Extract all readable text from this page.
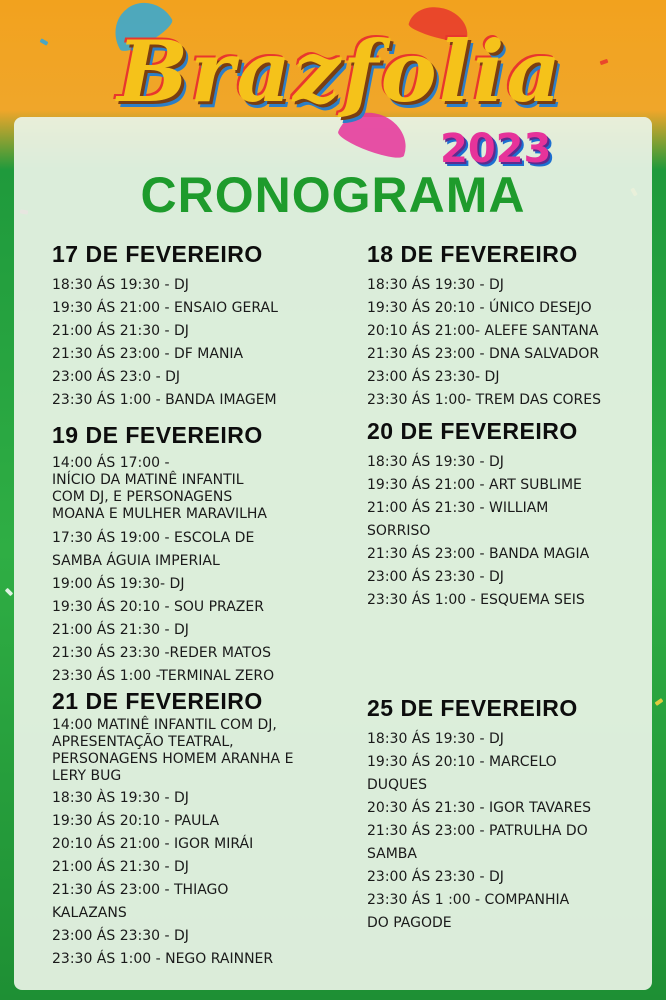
Brazfolia
2023
CRONOGRAMA
17 DE FEVEREIRO

18:30 ÁS 19:30 - DJ

19:30 ÁS 21:00 - ENSAIO GERAL

21:00 ÁS 21:30 - DJ

21:30 ÁS 23:00 - DF MANIA

23:00 ÁS 23:0 - DJ

23:30 ÁS 1:00 - BANDA IMAGEM

18 DE FEVEREIRO

18:30 ÁS 19:30 - DJ

19:30 ÁS 20:10 - ÚNICO DESEJO

20:10 ÁS 21:00- ALEFE SANTANA

21:30 ÁS 23:00 - DNA SALVADOR

23:00 ÁS 23:30- DJ

23:30 ÁS 1:00- TREM DAS CORES

19 DE FEVEREIRO

14:00 ÁS 17:00 -

INÍCIO DA MATINÊ INFANTIL

COM DJ, E PERSONAGENS

MOANA E MULHER MARAVILHA

17:30 ÁS 19:00 - ESCOLA DE

SAMBA ÁGUIA IMPERIAL

19:00 ÁS 19:30- DJ

19:30 ÁS 20:10 - SOU PRAZER

21:00 ÁS 21:30 - DJ

21:30 ÁS 23:30 -REDER MATOS

23:30 ÁS 1:00 -TERMINAL ZERO

20 DE FEVEREIRO

18:30 ÁS 19:30 - DJ

19:30 ÁS 21:00 - ART SUBLIME

21:00 ÁS 21:30 - WILLIAM

SORRISO

21:30 ÁS 23:00 - BANDA MAGIA

23:00 ÁS 23:30 - DJ

23:30 ÁS 1:00 - ESQUEMA SEIS

21 DE FEVEREIRO

14:00 MATINÊ INFANTIL COM DJ,

APRESENTAÇÃO TEATRAL,

PERSONAGENS HOMEM ARANHA E

LERY BUG

18:30 ÀS 19:30 - DJ

19:30 ÁS 20:10 - PAULA

20:10 ÁS 21:00 - IGOR MIRÁI

21:00 ÁS 21:30 - DJ

21:30 ÁS 23:00 - THIAGO

KALAZANS

23:00 ÁS 23:30 - DJ

23:30 ÁS 1:00 - NEGO RAINNER

25 DE FEVEREIRO

18:30 ÁS 19:30 - DJ

19:30 ÁS 20:10 - MARCELO

DUQUES

20:30 ÁS 21:30 - IGOR TAVARES

21:30 ÁS 23:00 - PATRULHA DO

SAMBA

23:00 ÁS 23:30 - DJ

23:30 ÁS 1 :00 - COMPANHIA

DO PAGODE
